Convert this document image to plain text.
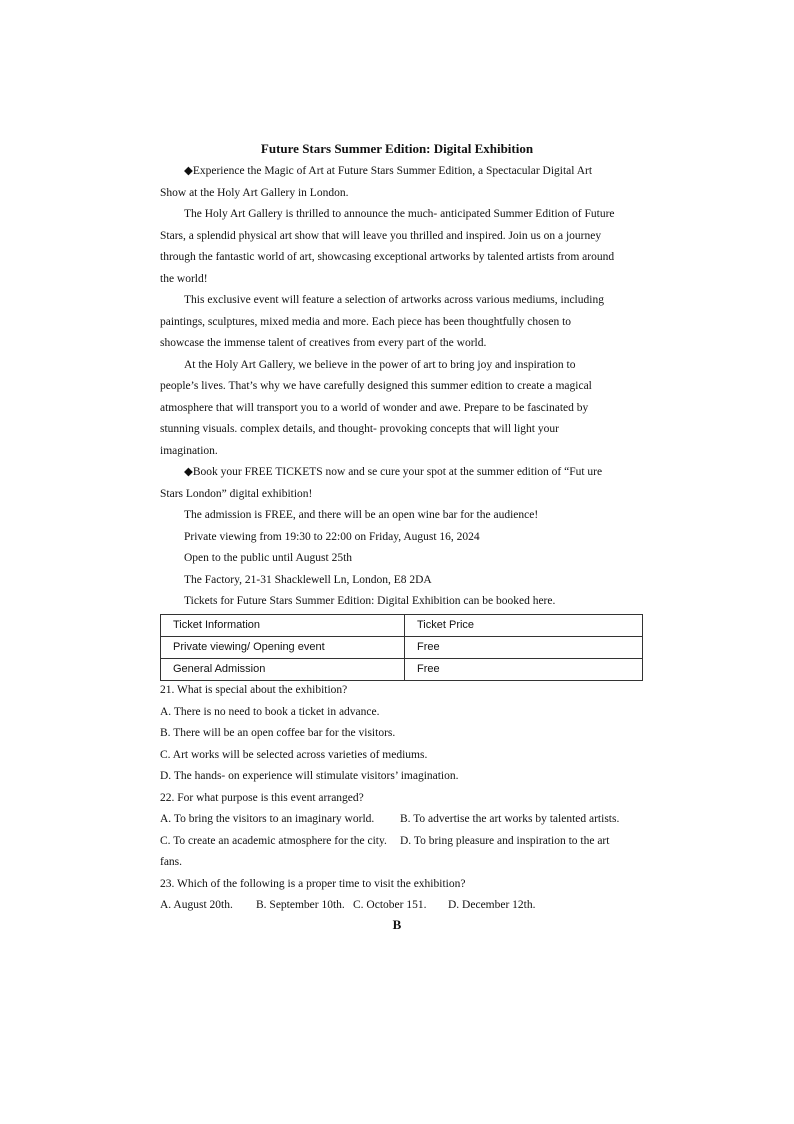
Future Stars Summer Edition: Digital Exhibition
◆Experience the Magic of Art at Future Stars Summer Edition, a Spectacular Digital Art
Show at the Holy Art Gallery in London.
The Holy Art Gallery is thrilled to announce the much- anticipated Summer Edition of Future
Stars, a splendid physical art show that will leave you thrilled and inspired. Join us on a journey
through the fantastic world of art, showcasing exceptional artworks by talented artists from around
the world!
This exclusive event will feature a selection of artworks across various mediums, including
paintings, sculptures, mixed media and more. Each piece has been thoughtfully chosen to
showcase the immense talent of creatives from every part of the world.
At the Holy Art Gallery, we believe in the power of art to bring joy and inspiration to
people’s lives. That’s why we have carefully designed this summer edition to create a magical
atmosphere that will transport you to a world of wonder and awe. Prepare to be fascinated by
stunning visuals. complex details, and thought- provoking concepts that will light your
imagination.
◆Book your FREE TICKETS now and se cure your spot at the summer edition of “Fut ure
Stars London” digital exhibition!
The admission is FREE, and there will be an open wine bar for the audience!
Private viewing from 19:30 to 22:00 on Friday, August 16, 2024
Open to the public until August 25th
The Factory, 21-31 Shacklewell Ln, London, E8 2DA
Tickets for Future Stars Summer Edition: Digital Exhibition can be booked here.
Ticket Information	Ticket Price
Private viewing/ Opening event	Free
General Admission	Free
21. What is special about the exhibition?
A. There is no need to book a ticket in advance.
B. There will be an open coffee bar for the visitors.
C. Art works will be selected across varieties of mediums.
D. The hands- on experience will stimulate visitors’ imagination.
22. For what purpose is this event arranged?
A. To bring the visitors to an imaginary world. B. To advertise the art works by talented artists.
C. To create an academic atmosphere for the city. D. To bring pleasure and inspiration to the art
fans.
23. Which of the following is a proper time to visit the exhibition?
A. August 20th. B. September 10th. C. October 151. D. December 12th.
B
